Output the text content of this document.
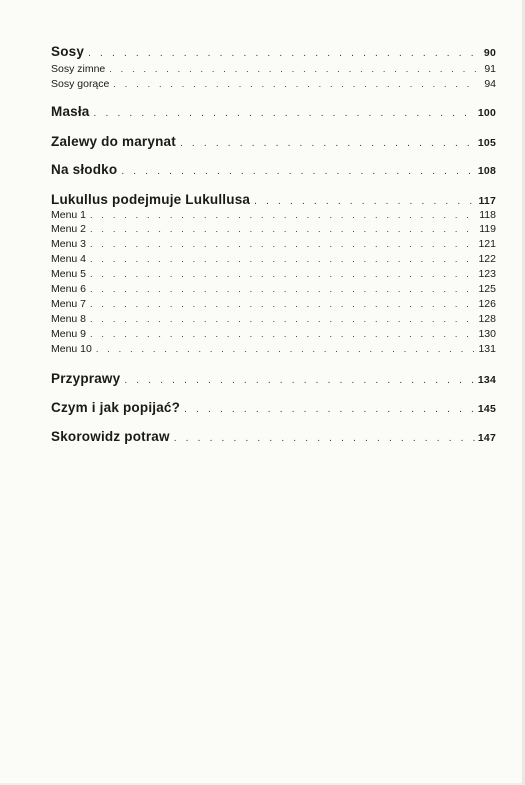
Sosy . . .	90
Sosy zimne . . .	91
Sosy gorące . . .	94
Masła . . .	100
Zalewy do marynat . . .	105
Na słodko . . .	108
Lukullus podejmuje Lukullusa . . .	117
Menu 1 . . .	118
Menu 2 . . .	119
Menu 3 . . .	121
Menu 4 . . .	122
Menu 5 . . .	123
Menu 6 . . .	125
Menu 7 . . .	126
Menu 8 . . .	128
Menu 9 . . .	130
Menu 10 . . .	131
Przyprawy . . .	134
Czym i jak popijać? . . .	145
Skorowidz potraw . . .	147
